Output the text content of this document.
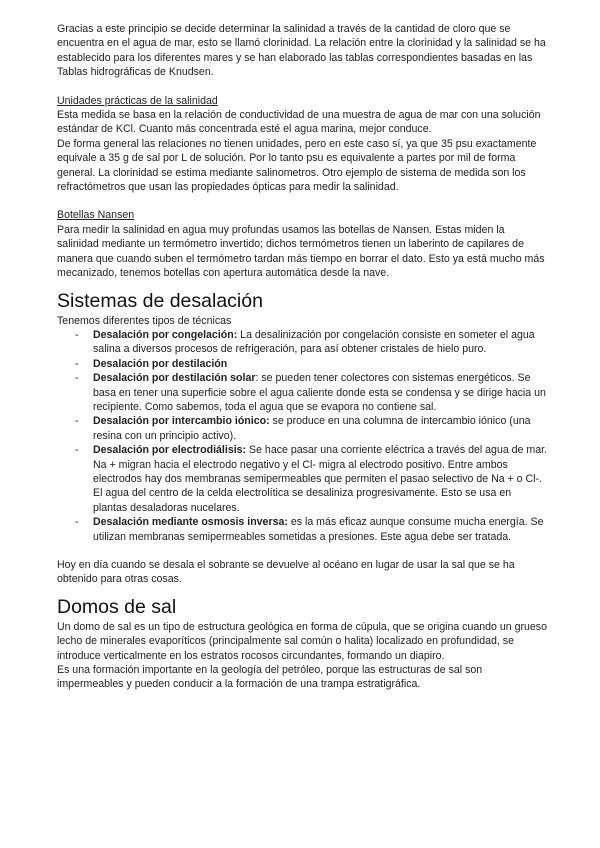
Gracias a este principio se decide determinar la salinidad a través de la cantidad de cloro que se encuentra en el agua de mar, esto se llamó clorinidad. La relación entre la clorinidad y la salinidad se ha establecido para los diferentes mares y se han elaborado las tablas correspondientes basadas en las Tablas hidrográficas de Knudsen.

Unidades prácticas de la salinidad

Esta medida se basa en la relación de conductividad de una muestra de agua de mar con una solución estándar de KCl. Cuanto más concentrada esté el agua marina, mejor conduce.

De forma general las relaciones no tienen unidades, pero en este caso sí, ya que 35 psu exactamente equivale a 35 g de sal por L de solución. Por lo tanto psu es equivalente a partes por mil de forma general. La clorinidad se estima mediante salinometros. Otro ejemplo de sistema de medida son los refractómetros que usan las propiedades ópticas para medir la salinidad.

Botellas Nansen

Para medir la salinidad en agua muy profundas usamos las botellas de Nansen. Estas miden la salinidad mediante un termómetro invertido; dichos termómetros tienen un laberinto de capilares de manera que cuando suben el termómetro tardan más tiempo en borrar el dato. Esto ya está mucho más mecanizado, tenemos botellas con apertura automática desde la nave.

Sistemas de desalación

Tenemos diferentes tipos de técnicas

- Desalación por congelación: La desalinización por congelación consiste en someter el agua salina a diversos procesos de refrigeración, para así obtener cristales de hielo puro.
- Desalación por destilación
- Desalación por destilación solar: se pueden tener colectores con sistemas energéticos. Se basa en tener una superficie sobre el agua caliente donde esta se condensa y se dirige hacia un recipiente. Como sabemos, toda el agua que se evapora no contiene sal.
- Desalación por intercambio iónico: se produce en una columna de intercambio iónico (una resina con un principio activo).
- Desalación por electrodiálisis: Se hace pasar una corriente eléctrica a través del agua de mar. Na + migran hacia el electrodo negativo y el Cl- migra al electrodo positivo. Entre ambos electrodos hay dos membranas semipermeables que permiten el pasao selectivo de Na + o Cl-. El agua del centro de la celda electrolítica se desaliniza progresivamente. Esto se usa en plantas desaladoras nucelares.
- Desalación mediante osmosis inversa: es la más eficaz aunque consume mucha energía. Se utilizan membranas semipermeables sometidas a presiones. Este agua debe ser tratada.

Hoy en día cuando se desala el sobrante se devuelve al océano en lugar de usar la sal que se ha obtenido para otras cosas.

Domos de sal

Un domo de sal es un tipo de estructura geológica en forma de cúpula, que se origina cuando un grueso lecho de minerales evaporíticos (principalmente sal común o halita) localizado en profundidad, se introduce verticalmente en los estratos rocosos circundantes, formando un diapiro.

Es una formación importante en la geología del petróleo, porque las estructuras de sal son impermeables y pueden conducir a la formación de una trampa estratigráfica.
